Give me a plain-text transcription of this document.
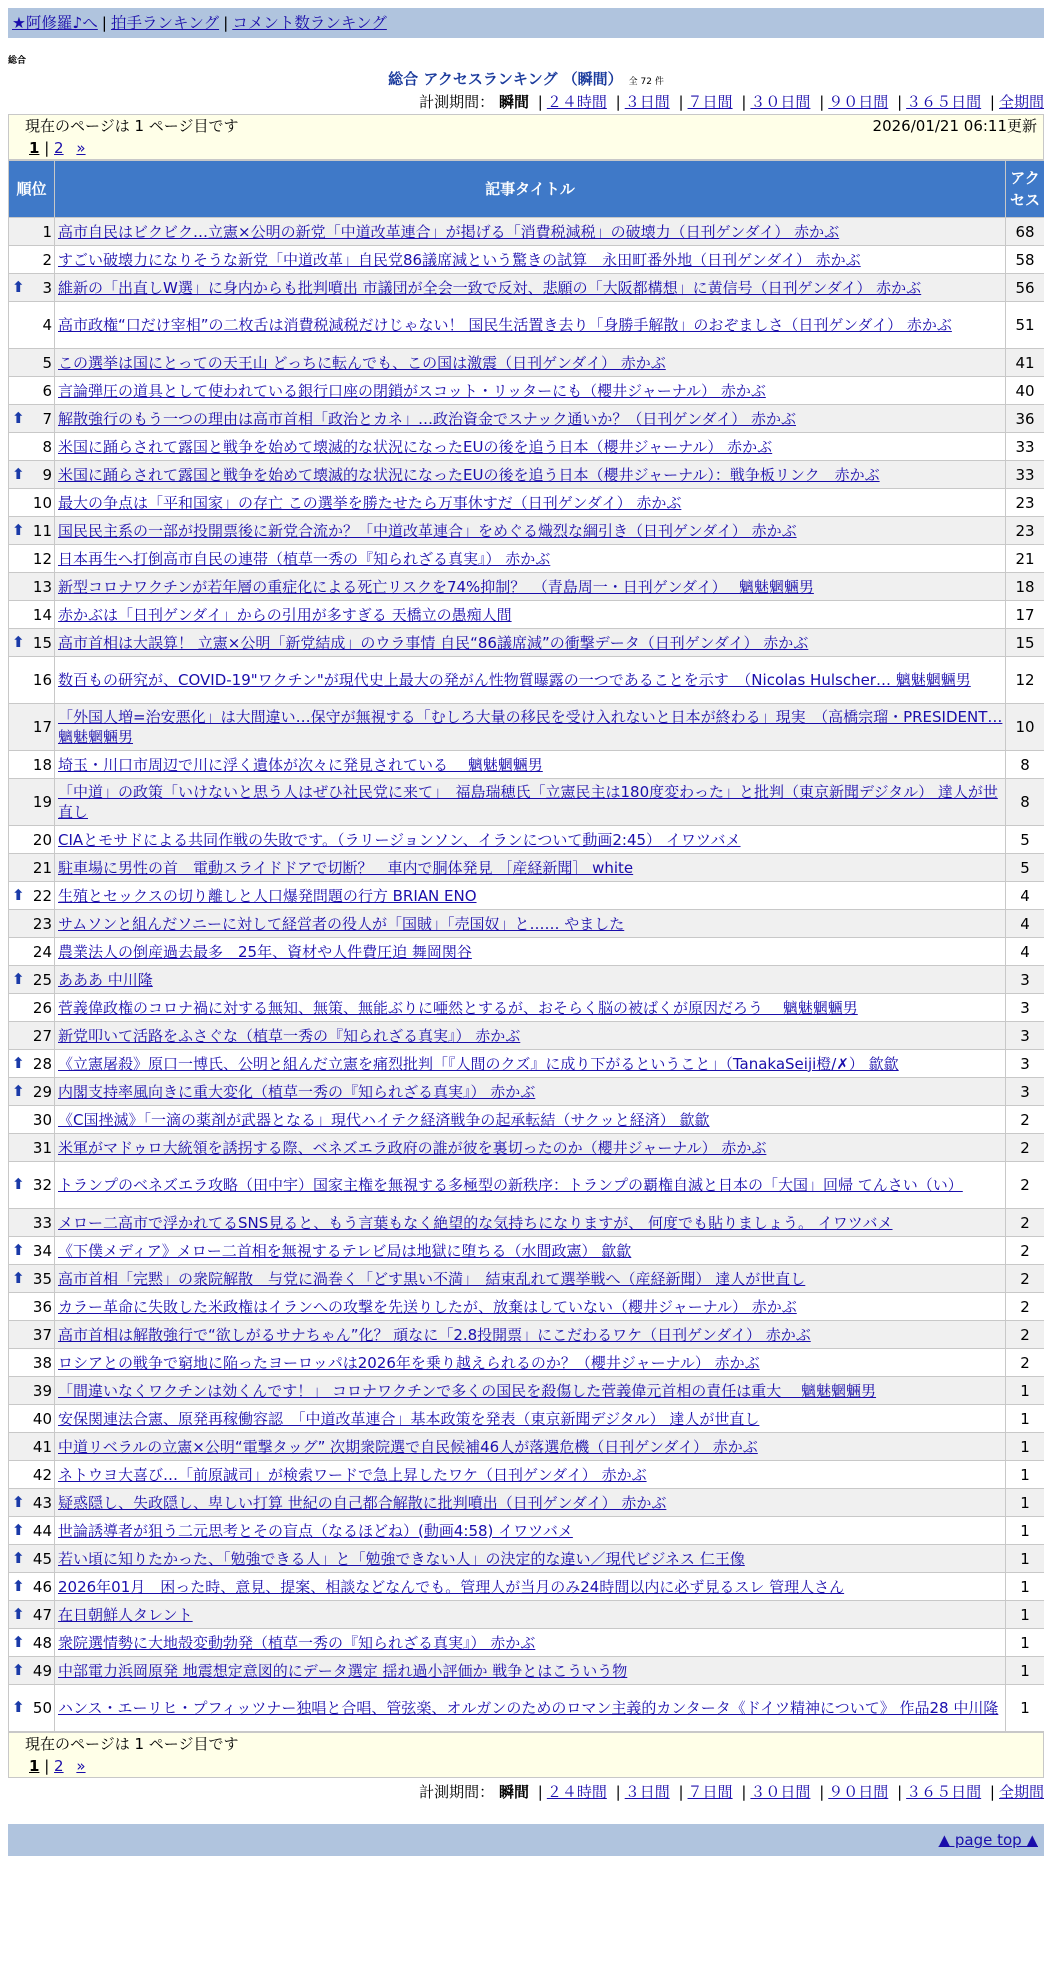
★阿修羅♪へ | 拍手ランキング | コメント数ランキング
総合
総合 アクセスランキング （瞬間） 全 72 件
計測期間： 瞬間 | ２４時間 | ３日間 | ７日間 | ３０日間 | ９０日間 | ３６５日間 | 全期間
現在のページは 1 ページ目です	2026/01/21 06:11更新
1 | 2 »
順位	記事タイトル	アクセス
1	高市自民はビクビク…立憲×公明の新党「中道改革連合」が掲げる「消費税減税」の破壊力（日刊ゲンダイ） 赤かぶ	68
2	すごい破壊力になりそうな新党「中道改革」自民党86議席減という驚きの試算　永田町番外地（日刊ゲンダイ） 赤かぶ	58

⬆ 3	維新の「出直しW選」に身内からも批判噴出 市議団が全会一致で反対、悲願の「大阪都構想」に黄信号（日刊ゲンダイ） 赤かぶ	56
4	高市政権“口だけ宰相”の二枚舌は消費税減税だけじゃない！ 国民生活置き去り「身勝手解散」のおぞましさ（日刊ゲンダイ） 赤かぶ	51
5	この選挙は国にとっての天王山 どっちに転んでも、この国は激震（日刊ゲンダイ） 赤かぶ	41
6	言論弾圧の道具として使われている銀行口座の閉鎖がスコット・リッターにも（櫻井ジャーナル） 赤かぶ	40

⬆ 7	解散強行のもう一つの理由は高市首相「政治とカネ」…政治資金でスナック通いか？（日刊ゲンダイ） 赤かぶ	36
8	米国に踊らされて露国と戦争を始めて壊滅的な状況になったEUの後を追う日本（櫻井ジャーナル） 赤かぶ	33

⬆ 9	米国に踊らされて露国と戦争を始めて壊滅的な状況になったEUの後を追う日本（櫻井ジャーナル）：戦争板リンク　赤かぶ	33
10	最大の争点は「平和国家」の存亡 この選挙を勝たせたら万事休すだ（日刊ゲンダイ） 赤かぶ	23

⬆ 11	国民民主系の一部が投開票後に新党合流か？「中道改革連合」をめぐる熾烈な綱引き（日刊ゲンダイ） 赤かぶ	23
12	日本再生へ打倒高市自民の連帯（植草一秀の『知られざる真実』） 赤かぶ	21
13	新型コロナワクチンが若年層の重症化による死亡リスクを74%抑制？　（青島周一・日刊ゲンダイ）　 魑魅魍魎男	18
14	赤かぶは「日刊ゲンダイ」からの引用が多すぎる 天橋立の愚痴人間	17

⬆ 15	高市首相は大誤算！ 立憲×公明「新党結成」のウラ事情 自民“86議席減”の衝撃データ（日刊ゲンダイ） 赤かぶ	15
16	数百もの研究が、COVID-19"ワクチン"が現代史上最大の発がん性物質曝露の一つであることを示す　（Nicolas Hulscher… 魑魅魍魎男	12
17	「外国人増=治安悪化」は大間違い…保守が無視する「むしろ大量の移民を受け入れないと日本が終わる」現実　（高橋宗瑠・PRESIDENT… 魑魅魍魎男	10
18	埼玉・川口市周辺で川に浮く遺体が次々に発見されている　 魑魅魍魎男	8
19	「中道」の政策「いけないと思う人はぜひ社民党に来て」　福島瑞穂氏「立憲民主は180度変わった」と批判（東京新聞デジタル） 達人が世直し	8
20	CIAとモサドによる共同作戦の失敗です。（ラリージョンソン、イランについて動画2:45） イワツバメ	5
21	駐車場に男性の首　電動スライドドアで切断？　車内で胴体発見 ［産経新聞］ white	5

⬆ 22	生殖とセックスの切り離しと人口爆発問題の行方 BRIAN ENO	4
23	サムソンと組んだソニーに対して経営者の役人が「国賊」「売国奴」と…… やました	4
24	農業法人の倒産過去最多　25年、資材や人件費圧迫 舞岡関谷	4

⬆ 25	あああ 中川隆	3
26	菅義偉政権のコロナ禍に対する無知、無策、無能ぶりに唖然とするが、おそらく脳の被ばくが原因だろう　 魑魅魍魎男	3
27	新党叩いて活路をふさぐな（植草一秀の『知られざる真実』） 赤かぶ	3

⬆ 28	《立憲屠殺》原口一博氏、公明と組んだ立憲を痛烈批判「『人間のクズ』に成り下がるということ」（TanakaSeiji橙/✗） 歙歙	3

⬆ 29	内閣支持率風向きに重大変化（植草一秀の『知られざる真実』） 赤かぶ	3
30	《C国挫滅》「一滴の薬剤が武器となる」現代ハイテク経済戦争の起承転結（サクッと経済） 歙歙	2
31	米軍がマドゥロ大統領を誘拐する際、ベネズエラ政府の誰が彼を裏切ったのか（櫻井ジャーナル） 赤かぶ	2

⬆ 32	トランプのベネズエラ攻略（田中宇）国家主権を無視する多極型の新秩序：トランプの覇権自滅と日本の「大国」回帰 てんさい（い）	2
33	メロー二高市で浮かれてるSNS見ると、もう言葉もなく絶望的な気持ちになりますが、 何度でも貼りましょう。 イワツバメ	2

⬆ 34	《下僕メディア》メロー二首相を無視するテレビ局は地獄に堕ちる（水間政憲） 歙歙	2

⬆ 35	高市首相「完黙」の衆院解散　与党に渦巻く「どす黒い不満」　結束乱れて選挙戦へ（産経新聞） 達人が世直し	2
36	カラー革命に失敗した米政権はイランへの攻撃を先送りしたが、放棄はしていない（櫻井ジャーナル） 赤かぶ	2
37	高市首相は解散強行で“欲しがるサナちゃん”化？ 頑なに「2.8投開票」にこだわるワケ（日刊ゲンダイ） 赤かぶ	2
38	ロシアとの戦争で窮地に陥ったヨーロッパは2026年を乗り越えられるのか？（櫻井ジャーナル） 赤かぶ	2
39	「間違いなくワクチンは効くんです！」 コロナワクチンで多くの国民を殺傷した菅義偉元首相の責任は重大　 魑魅魍魎男	1
40	安保関連法合憲、原発再稼働容認　「中道改革連合」基本政策を発表（東京新聞デジタル） 達人が世直し	1
41	中道リベラルの立憲×公明“電撃タッグ” 次期衆院選で自民候補46人が落選危機（日刊ゲンダイ） 赤かぶ	1
42	ネトウヨ大喜び…「前原誠司」が検索ワードで急上昇したワケ（日刊ゲンダイ） 赤かぶ	1

⬆ 43	疑惑隠し、失政隠し、卑しい打算 世紀の自己都合解散に批判噴出（日刊ゲンダイ） 赤かぶ	1

⬆ 44	世論誘導者が狙う二元思考とその盲点（なるほどね）(動画4:58) イワツバメ	1

⬆ 45	若い頃に知りたかった、「勉強できる人」と「勉強できない人」の決定的な違い／現代ビジネス 仁王像	1

⬆ 46	2026年01月　困った時、意見、提案、相談などなんでも。管理人が当月のみ24時間以内に必ず見るスレ 管理人さん	1

⬆ 47	在日朝鮮人タレント	1

⬆ 48	衆院選情勢に大地殻変動勃発（植草一秀の『知られざる真実』） 赤かぶ	1

⬆ 49	中部電力浜岡原発 地震想定意図的にデータ選定 揺れ過小評価か 戦争とはこういう物	1

⬆ 50	ハンス・エーリヒ・プフィッツナー独唱と合唱、管弦楽、オルガンのためのロマン主義的カンタータ《ドイツ精神について》 作品28 中川隆	1
現在のページは 1 ページ目です
1 | 2 »
計測期間： 瞬間 | ２４時間 | ３日間 | ７日間 | ３０日間 | ９０日間 | ３６５日間 | 全期間
▲ page top ▲
